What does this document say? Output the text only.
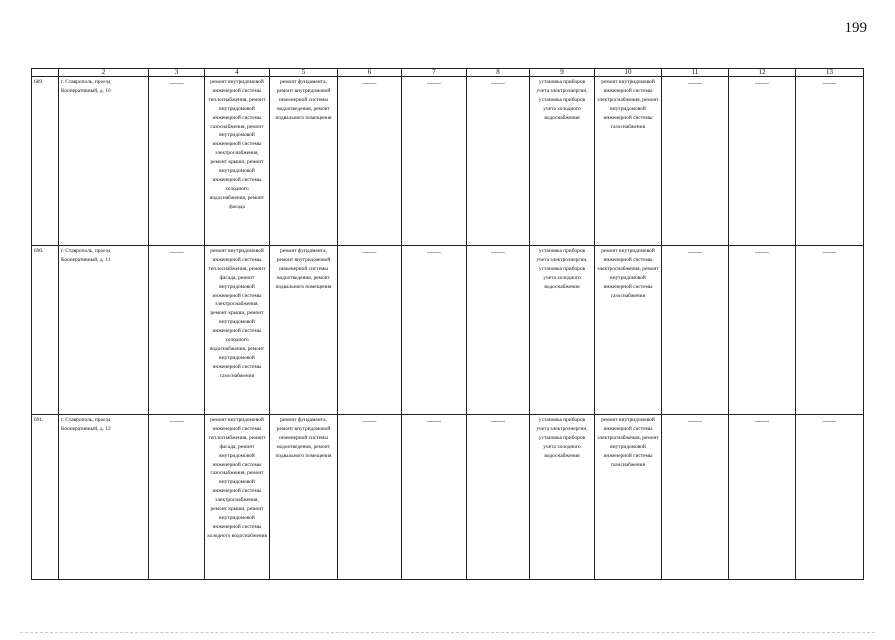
199
	2	3	4	5	6	7	8	9	10	11	12	13
689.	г. Ставрополь, проезд Кооперативный, д. 10	——	ремонт внутридомовой инженерной системы теплоснабжения, ремонт внутридомовой инженерной системы газоснабжения, ремонт внутридомовой инженерной системы электроснабжения, ремонт крыши, ремонт внутридомовой инженерной системы холодного водоснабжения, ремонт фасада	ремонт фундамента, ремонт внутридомовой инженерной системы водоотведения, ремонт подвального помещения	——	——	——	установка приборов учета электроэнергии, установка приборов учета холодного водоснабжения	ремонт внутридомовой инженерной системы электроснабжения, ремонт внутридомовой инженерной системы газоснабжения	——	——	——

690.	г. Ставрополь, проезд Кооперативный, д. 11	——	ремонт внутридомовой инженерной системы теплоснабжения, ремонт фасада, ремонт внутридомовой инженерной системы электроснабжения, ремонт крыши, ремонт внутридомовой инженерной системы холодного водоснабжения, ремонт внутридомовой инженерной системы газоснабжения	ремонт фундамента, ремонт внутридомовой инженерной системы водоотведения, ремонт подвального помещения	——	——	——	установка приборов учета электроэнергии, установка приборов учета холодного водоснабжения	ремонт внутридомовой инженерной системы электроснабжения, ремонт внутридомовой инженерной системы газоснабжения	——	——	——

691.	г. Ставрополь, проезд Кооперативный, д. 12	——	ремонт внутридомовой инженерной системы теплоснабжения, ремонт фасада, ремонт внутридомовой инженерной системы газоснабжения, ремонт внутридомовой инженерной системы электроснабжения, ремонт крыши, ремонт внутридомовой инженерной системы холодного водоснабжения	ремонт фундамента, ремонт внутридомовой инженерной системы водоотведения, ремонт подвального помещения	——	——	——	установка приборов учета электроэнергии, установка приборов учета холодного водоснабжения	ремонт внутридомовой инженерной системы электроснабжения, ремонт внутридомовой инженерной системы газоснабжения	——	——	——
